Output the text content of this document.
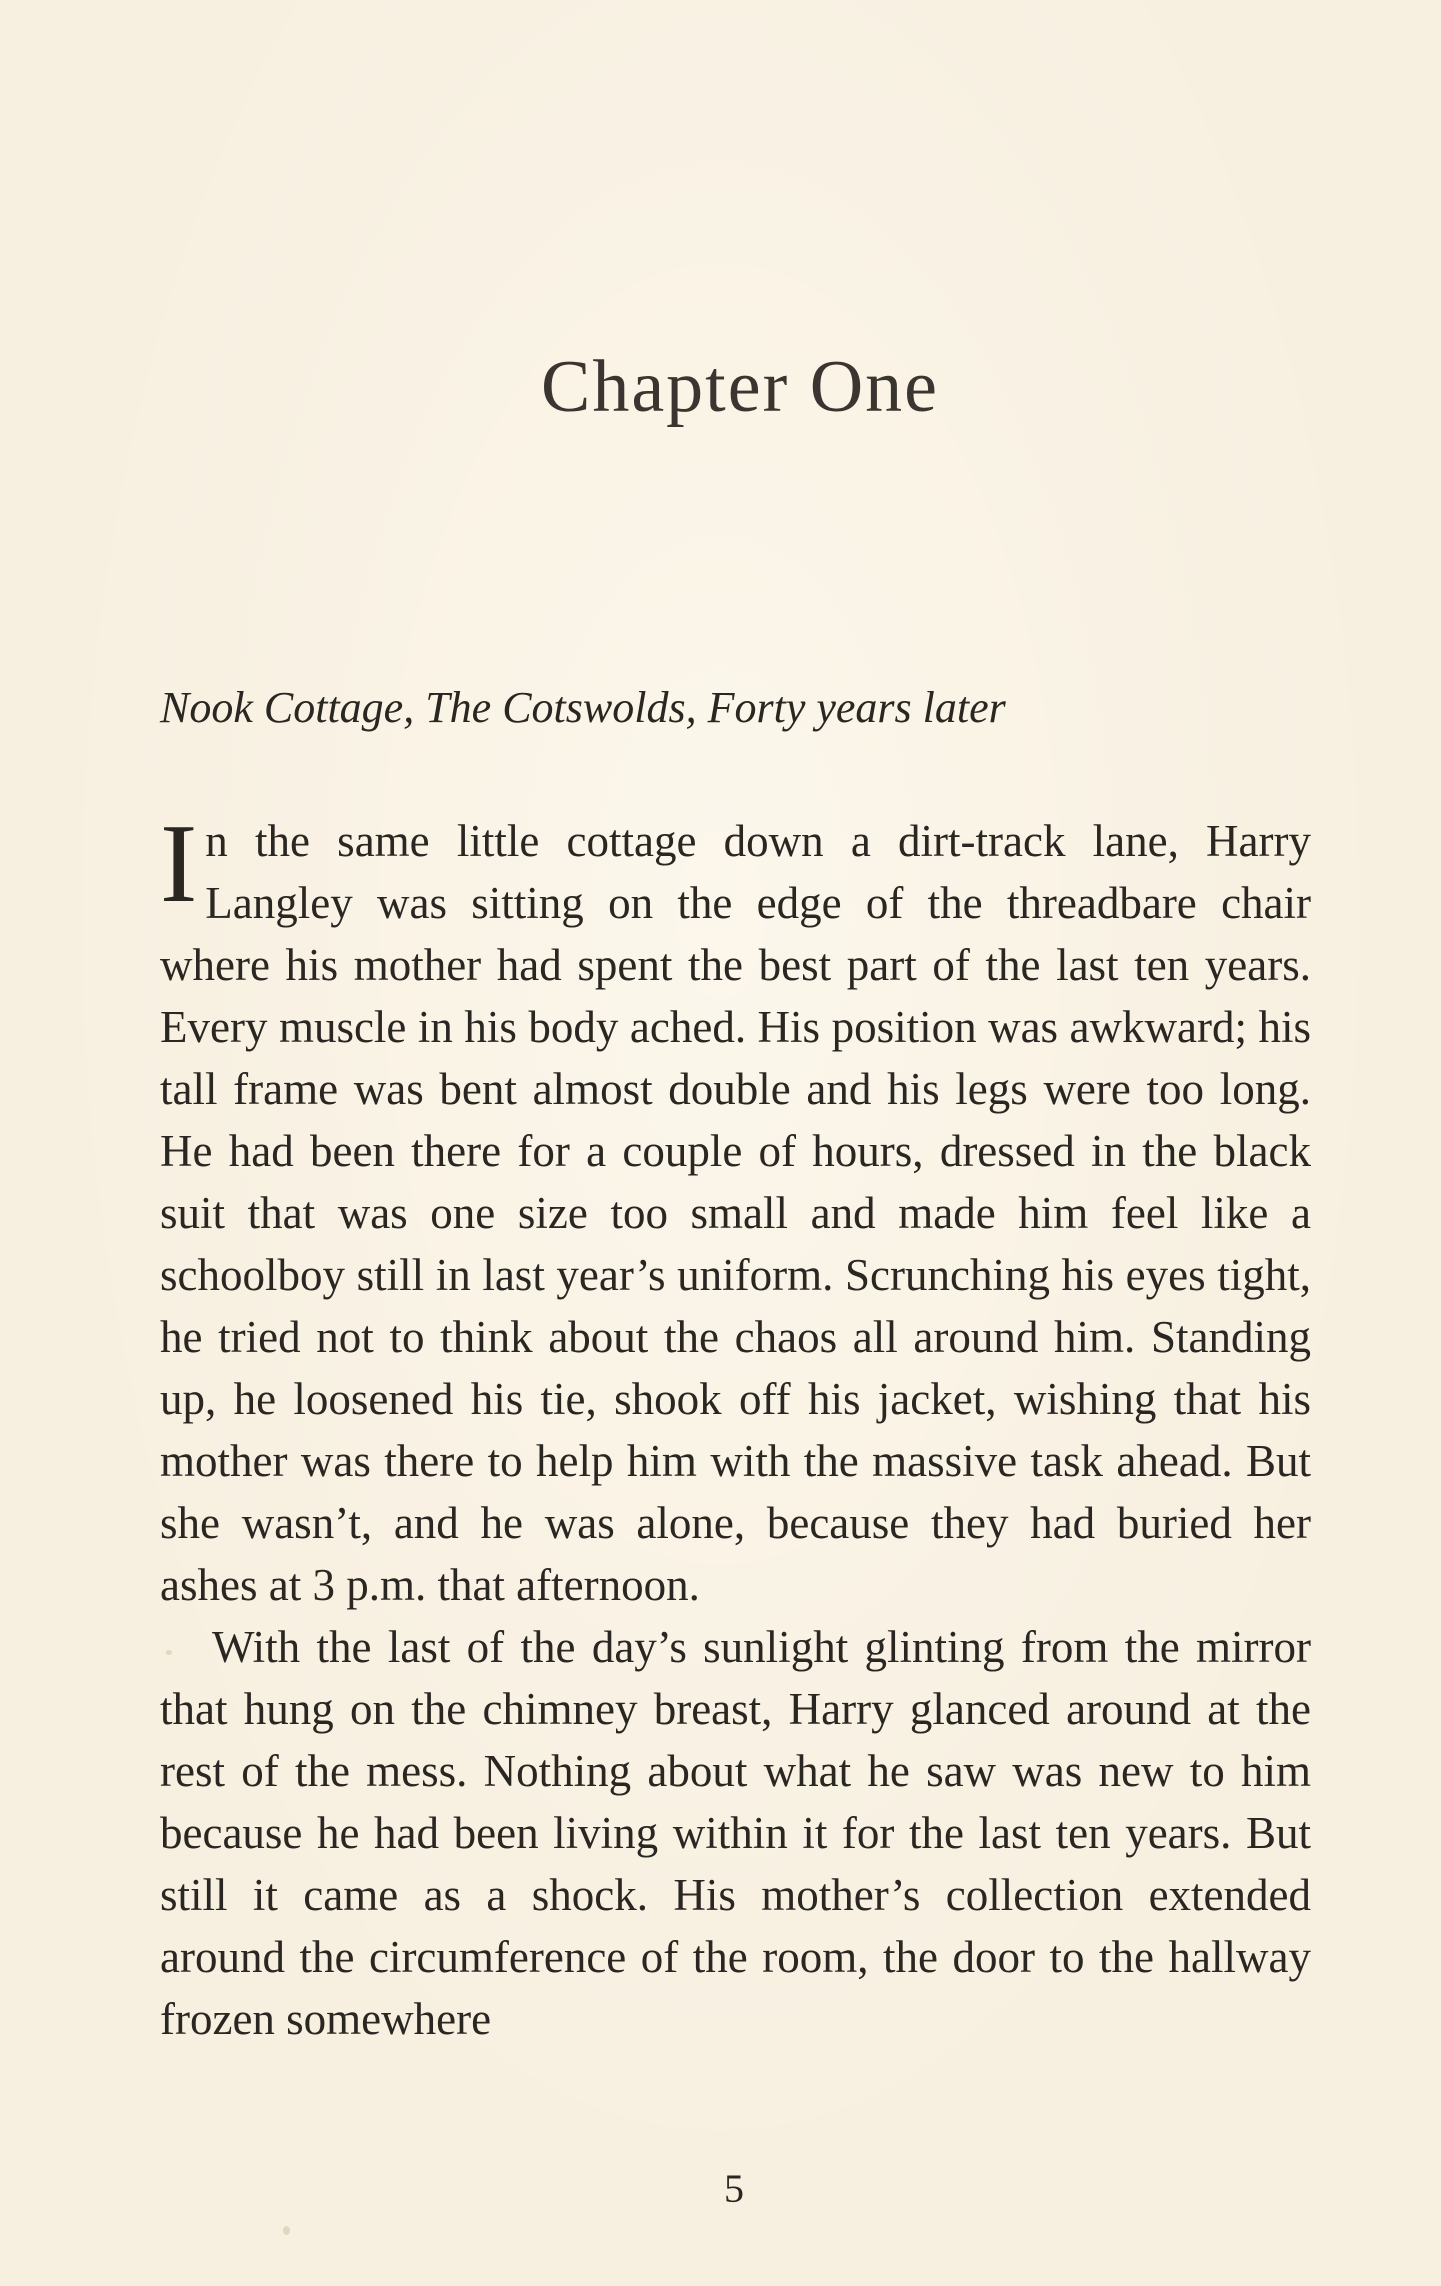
Chapter One

Nook Cottage, The Cotswolds, Forty years later

In the same little cottage down a dirt-track lane, Harry Langley was sitting on the edge of the threadbare chair where his mother had spent the best part of the last ten years. Every muscle in his body ached. His position was awkward; his tall frame was bent almost double and his legs were too long. He had been there for a couple of hours, dressed in the black suit that was one size too small and made him feel like a schoolboy still in last year’s uniform. Scrunching his eyes tight, he tried not to think about the chaos all around him. Standing up, he loosened his tie, shook off his jacket, wishing that his mother was there to help him with the massive task ahead. But she wasn’t, and he was alone, because they had buried her ashes at 3 p.m. that afternoon.

With the last of the day’s sunlight glinting from the mirror that hung on the chimney breast, Harry glanced around at the rest of the mess. Nothing about what he saw was new to him because he had been living within it for the last ten years. But still it came as a shock. His mother’s collection extended around the circumference of the room, the door to the hallway frozen somewhere

5
